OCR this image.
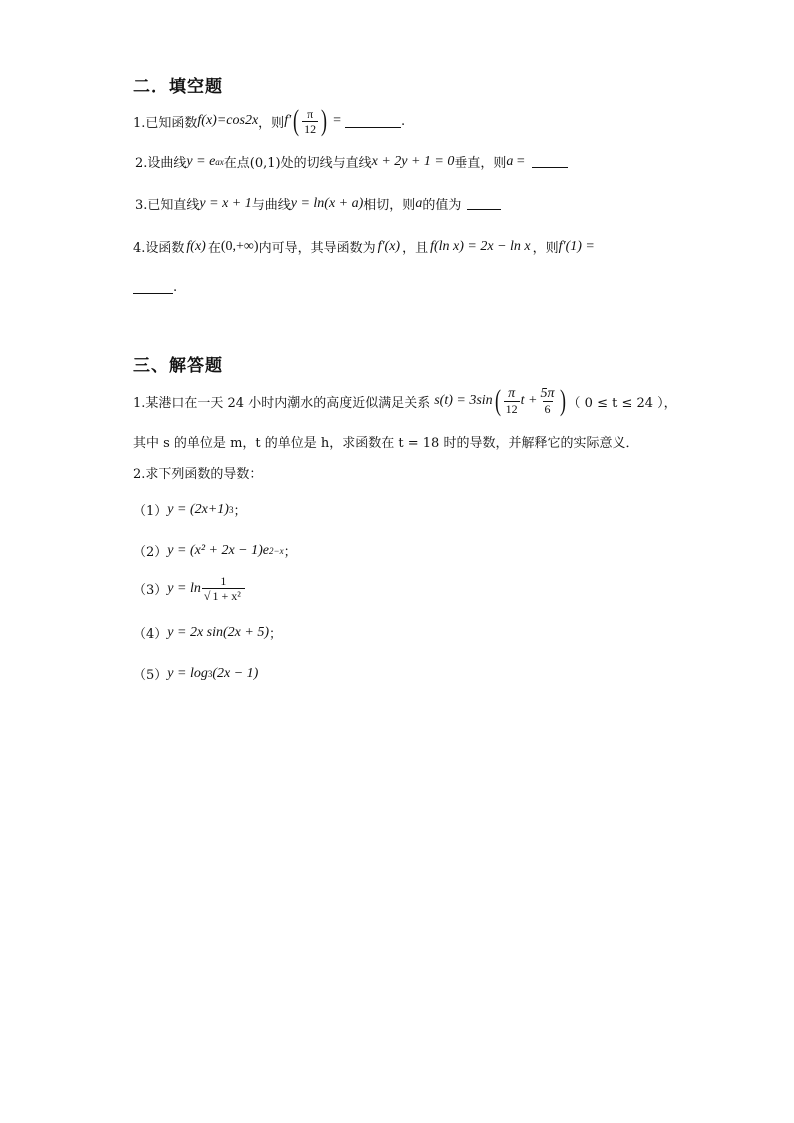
二．填空题
1.已知函数 f(x)=cos2x ，则 f′ ( $\frac{\pi}{12}$ ) =	.
2.设曲线 y = e ax 在点(0,1)处的切线与直线 x + 2y + 1 = 0 垂直，则 a =
3.已知直线 y = x + 1 与曲线 y = ln(x + a) 相切，则 a 的值为
4.设函数 f(x) 在 (0,+∞) 内可导，其导函数为 f′(x) ，且 f(ln x) = 2x − ln x ，则 f′(1) =
.
三、解答题
1.某港口在一天 24 小时内潮水的高度近似满足关系 s(t) = 3sin ( $\frac{\pi}{12}$ $t + \frac{5\pi}{6}$ ) （ 0 ≤ t ≤ 24 ），
其中 s 的单位是 m，t 的单位是 h，求函数在 t = 18 时的导数，并解释它的实际意义．
2.求下列函数的导数：
（1） y = (2x+1) 3 ；
（2） y = (x² + 2x − 1)e 2−x ；
（3） $y = \ln \frac{1}{\text{√ 1 + x²}}$
（4） y = 2x sin(2x + 5) ；
（5） y = log 3 (2x − 1)
